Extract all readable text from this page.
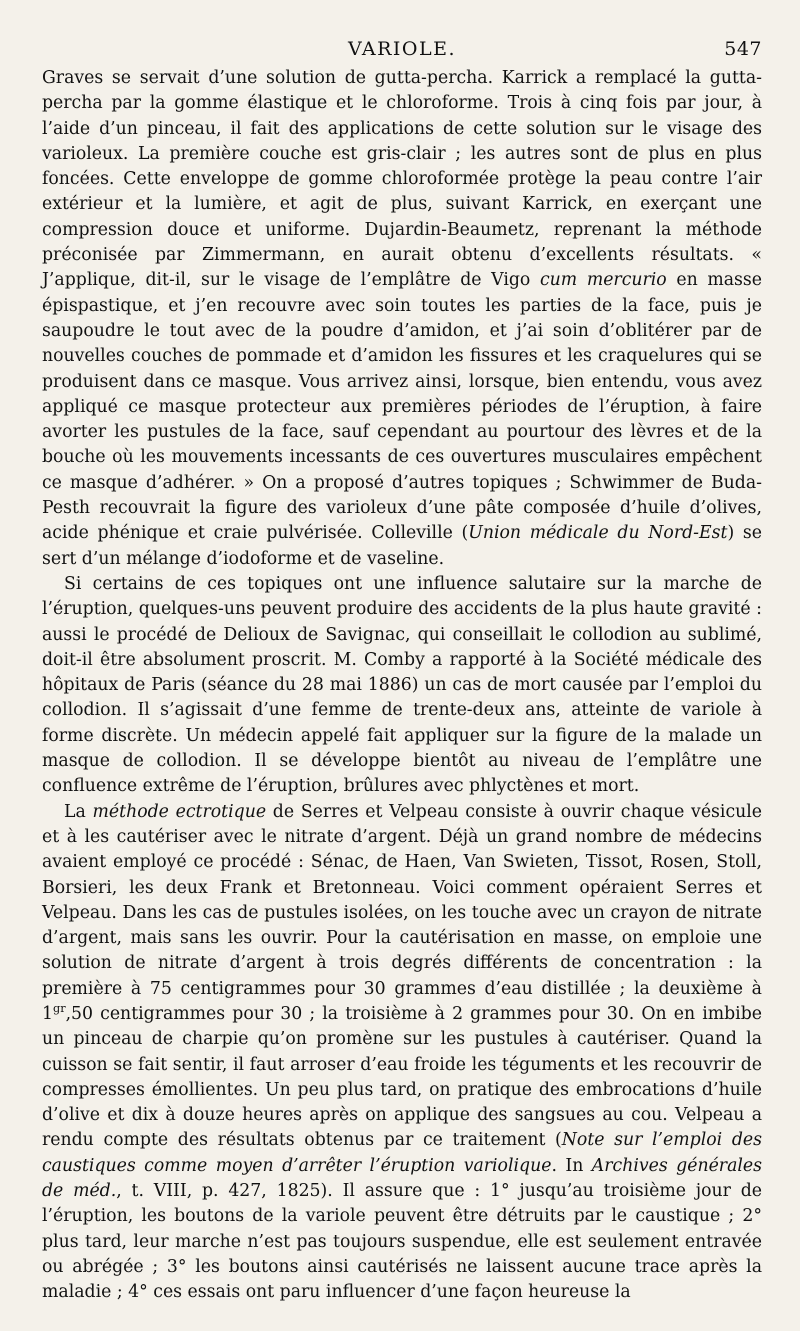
VARIOLE.	547

Graves se servait d’une solution de gutta-percha. Karrick a remplacé la gutta-percha par la gomme élastique et le chloroforme. Trois à cinq fois par jour, à l’aide d’un pinceau, il fait des applications de cette solution sur le visage des varioleux. La première couche est gris-clair ; les autres sont de plus en plus foncées. Cette enveloppe de gomme chloroformée protège la peau contre l’air extérieur et la lumière, et agit de plus, suivant Karrick, en exerçant une compression douce et uniforme. Dujardin-Beaumetz, reprenant la méthode préconisée par Zimmermann, en aurait obtenu d’excellents résultats. « J’applique, dit-il, sur le visage de l’emplâtre de Vigo cum mercurio en masse épispastique, et j’en recouvre avec soin toutes les parties de la face, puis je saupoudre le tout avec de la poudre d’amidon, et j’ai soin d’oblitérer par de nouvelles couches de pommade et d’amidon les fissures et les craquelures qui se produisent dans ce masque. Vous arrivez ainsi, lorsque, bien entendu, vous avez appliqué ce masque protecteur aux premières périodes de l’éruption, à faire avorter les pustules de la face, sauf cependant au pourtour des lèvres et de la bouche où les mouvements incessants de ces ouvertures musculaires empêchent ce masque d’adhérer. » On a proposé d’autres topiques ; Schwimmer de Buda-Pesth recouvrait la figure des varioleux d’une pâte composée d’huile d’olives, acide phénique et craie pulvérisée. Colleville (Union médicale du Nord-Est) se sert d’un mélange d’iodoforme et de vaseline.

Si certains de ces topiques ont une influence salutaire sur la marche de l’éruption, quelques-uns peuvent produire des accidents de la plus haute gravité : aussi le procédé de Delioux de Savignac, qui conseillait le collodion au sublimé, doit-il être absolument proscrit. M. Comby a rapporté à la Société médicale des hôpitaux de Paris (séance du 28 mai 1886) un cas de mort causée par l’emploi du collodion. Il s’agissait d’une femme de trente-deux ans, atteinte de variole à forme discrète. Un médecin appelé fait appliquer sur la figure de la malade un masque de collodion. Il se développe bientôt au niveau de l’emplâtre une confluence extrême de l’éruption, brûlures avec phlyctènes et mort.

La méthode ectrotique de Serres et Velpeau consiste à ouvrir chaque vésicule et à les cautériser avec le nitrate d’argent. Déjà un grand nombre de médecins avaient employé ce procédé : Sénac, de Haen, Van Swieten, Tissot, Rosen, Stoll, Borsieri, les deux Frank et Bretonneau. Voici comment opéraient Serres et Velpeau. Dans les cas de pustules isolées, on les touche avec un crayon de nitrate d’argent, mais sans les ouvrir. Pour la cautérisation en masse, on emploie une solution de nitrate d’argent à trois degrés différents de concentration : la première à 75 centigrammes pour 30 grammes d’eau distillée ; la deuxième à $1^{gr},50$ centigrammes pour 30 ; la troisième à 2 grammes pour 30. On en imbibe un pinceau de charpie qu’on promène sur les pustules à cautériser. Quand la cuisson se fait sentir, il faut arroser d’eau froide les téguments et les recouvrir de compresses émollientes. Un peu plus tard, on pratique des embrocations d’huile d’olive et dix à douze heures après on applique des sangsues au cou. Velpeau a rendu compte des résultats obtenus par ce traitement (Note sur l’emploi des caustiques comme moyen d’arrêter l’éruption variolique. In Archives générales de méd., t. VIII, p. 427, 1825). Il assure que : 1° jusqu’au troisième jour de l’éruption, les boutons de la variole peuvent être détruits par le caustique ; 2° plus tard, leur marche n’est pas toujours suspendue, elle est seulement entravée ou abrégée ; 3° les boutons ainsi cautérisés ne laissent aucune trace après la maladie ; 4° ces essais ont paru influencer d’une façon heureuse la
